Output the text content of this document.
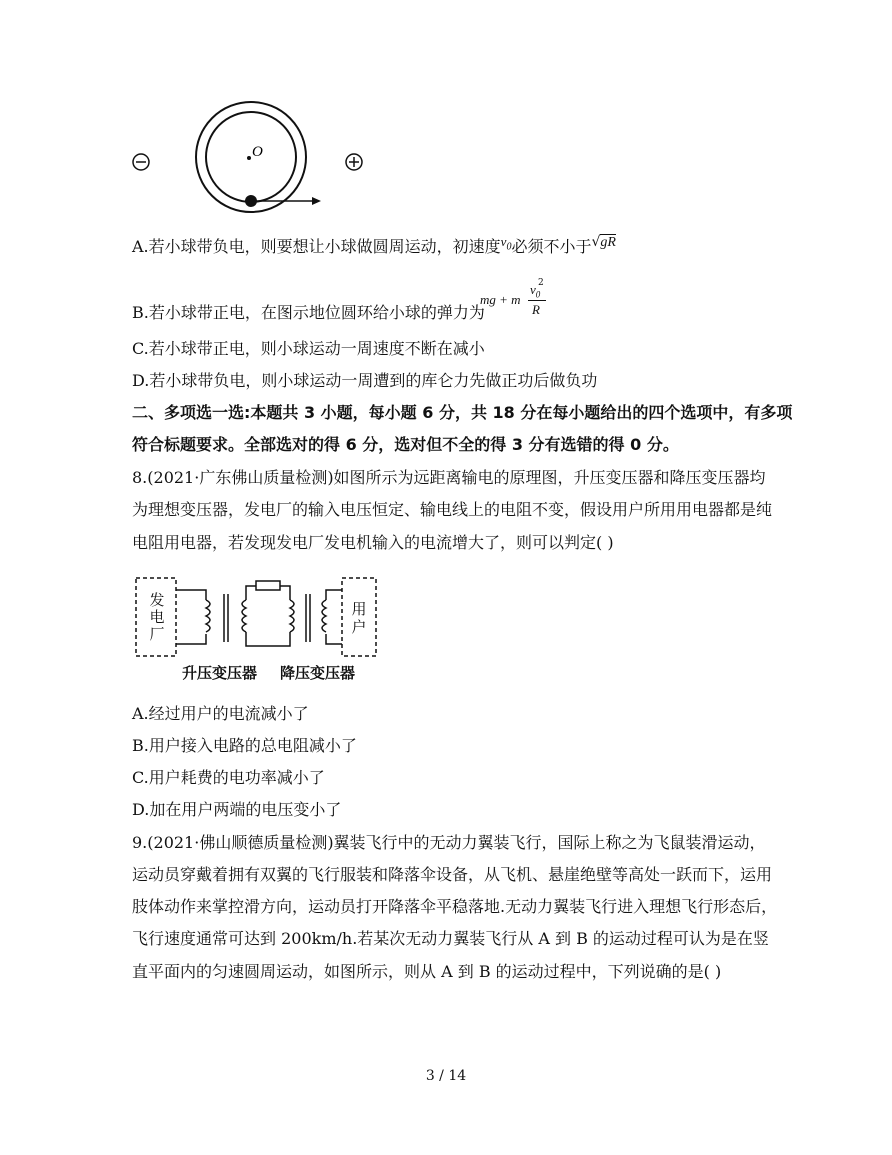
O
A.若小球带负电，则要想让小球做圆周运动，初速度$^{v_0}$必须不小于√gR
B.若小球带正电，在图示地位圆环给小球的弹力为
mg + m
$v_0$
2
R
C.若小球带正电，则小球运动一周速度不断在减小
D.若小球带负电，则小球运动一周遭到的库仑力先做正功后做负功
二、多项选一选:本题共 3 小题，每小题 6 分，共 18 分在每小题给出的四个选项中，有多项
符合标题要求。全部选对的得 6 分，选对但不全的得 3 分有选错的得 0 分。
8.(2021·广东佛山质量检测)如图所示为远距离输电的原理图，升压变压器和降压变压器均
为理想变压器，发电厂的输入电压恒定、输电线上的电阻不变，假设用户所用用电器都是纯
电阻用电器，若发现发电厂发电机输入的电流增大了，则可以判定( )
发
电
厂
用
户
升压变压器 降压变压器
A.经过用户的电流减小了
B.用户接入电路的总电阻减小了
C.用户耗费的电功率减小了
D.加在用户两端的电压变小了
9.(2021·佛山顺德质量检测)翼装飞行中的无动力翼装飞行，国际上称之为飞鼠装滑运动，
运动员穿戴着拥有双翼的飞行服装和降落伞设备，从飞机、悬崖绝壁等高处一跃而下，运用
肢体动作来掌控滑方向，运动员打开降落伞平稳落地.无动力翼装飞行进入理想飞行形态后，
飞行速度通常可达到 200km/h.若某次无动力翼装飞行从 A 到 B 的运动过程可认为是在竖
直平面内的匀速圆周运动，如图所示，则从 A 到 B 的运动过程中，下列说确的是( )
3 / 14
